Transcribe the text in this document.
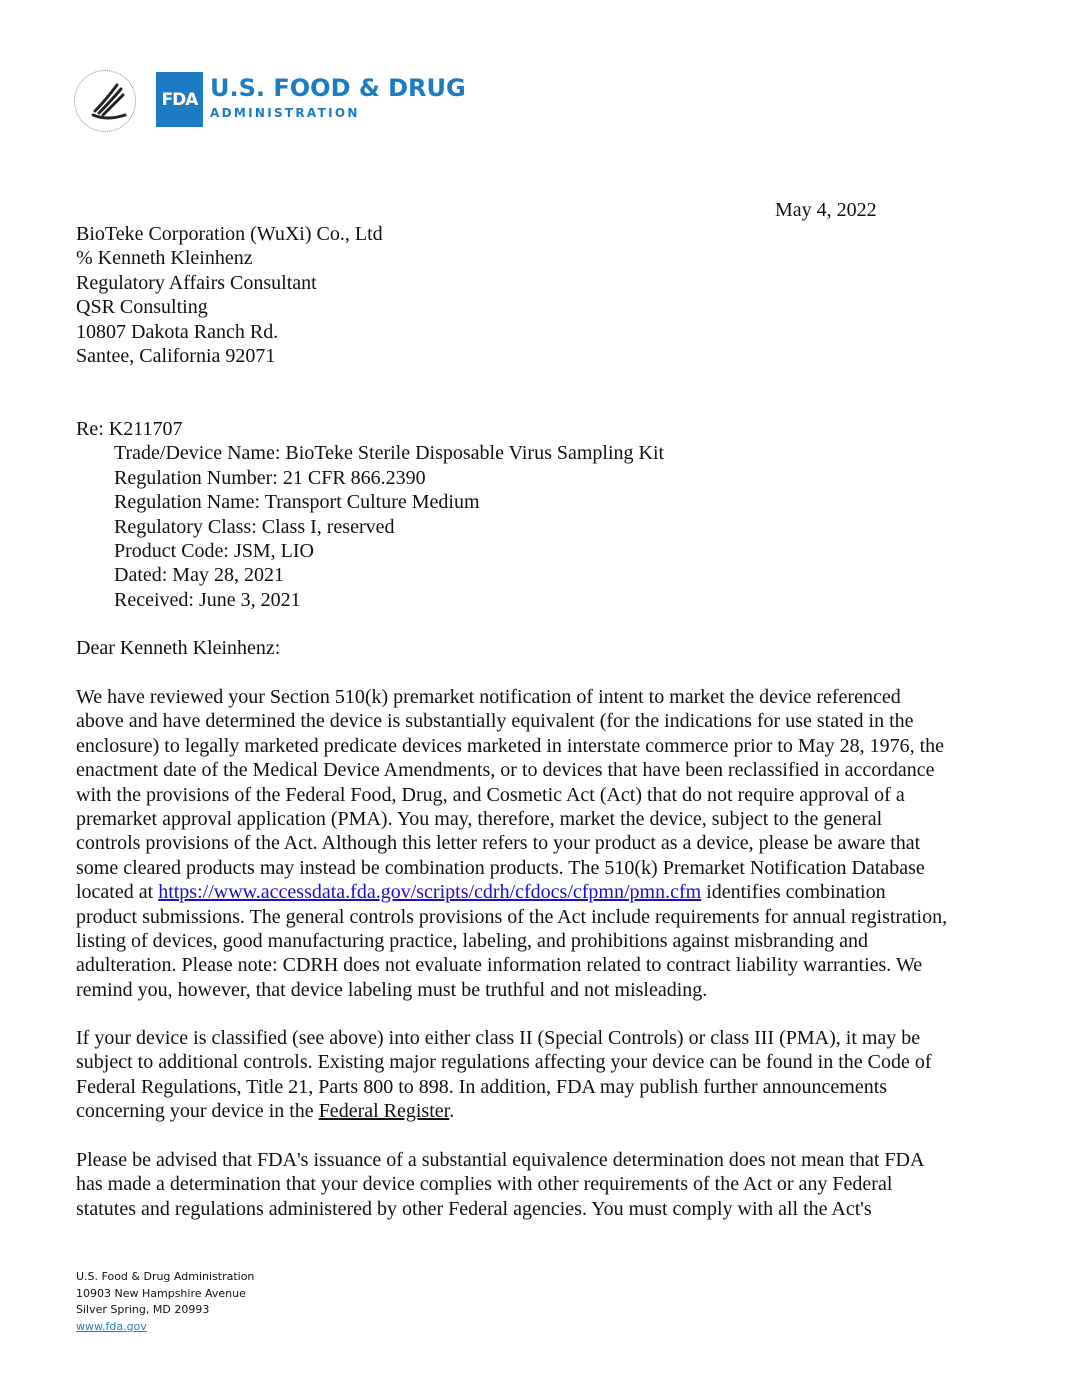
FDA U.S. FOOD & DRUG
ADMINISTRATION
May 4, 2022
BioTeke Corporation (WuXi) Co., Ltd
% Kenneth Kleinhenz
Regulatory Affairs Consultant
QSR Consulting
10807 Dakota Ranch Rd.
Santee, California 92071
Re: K211707
Trade/Device Name: BioTeke Sterile Disposable Virus Sampling Kit
Regulation Number: 21 CFR 866.2390
Regulation Name: Transport Culture Medium
Regulatory Class: Class I, reserved
Product Code: JSM, LIO
Dated: May 28, 2021
Received: June 3, 2021
Dear Kenneth Kleinhenz:
We have reviewed your Section 510(k) premarket notification of intent to market the device referenced
above and have determined the device is substantially equivalent (for the indications for use stated in the
enclosure) to legally marketed predicate devices marketed in interstate commerce prior to May 28, 1976, the
enactment date of the Medical Device Amendments, or to devices that have been reclassified in accordance
with the provisions of the Federal Food, Drug, and Cosmetic Act (Act) that do not require approval of a
premarket approval application (PMA). You may, therefore, market the device, subject to the general
controls provisions of the Act. Although this letter refers to your product as a device, please be aware that
some cleared products may instead be combination products. The 510(k) Premarket Notification Database
located at https://www.accessdata.fda.gov/scripts/cdrh/cfdocs/cfpmn/pmn.cfm identifies combination
product submissions. The general controls provisions of the Act include requirements for annual registration,
listing of devices, good manufacturing practice, labeling, and prohibitions against misbranding and
adulteration. Please note: CDRH does not evaluate information related to contract liability warranties. We
remind you, however, that device labeling must be truthful and not misleading.
If your device is classified (see above) into either class II (Special Controls) or class III (PMA), it may be
subject to additional controls. Existing major regulations affecting your device can be found in the Code of
Federal Regulations, Title 21, Parts 800 to 898. In addition, FDA may publish further announcements
concerning your device in the Federal Register.
Please be advised that FDA's issuance of a substantial equivalence determination does not mean that FDA
has made a determination that your device complies with other requirements of the Act or any Federal
statutes and regulations administered by other Federal agencies. You must comply with all the Act's
U.S. Food & Drug Administration
10903 New Hampshire Avenue
Silver Spring, MD 20993
www.fda.gov
